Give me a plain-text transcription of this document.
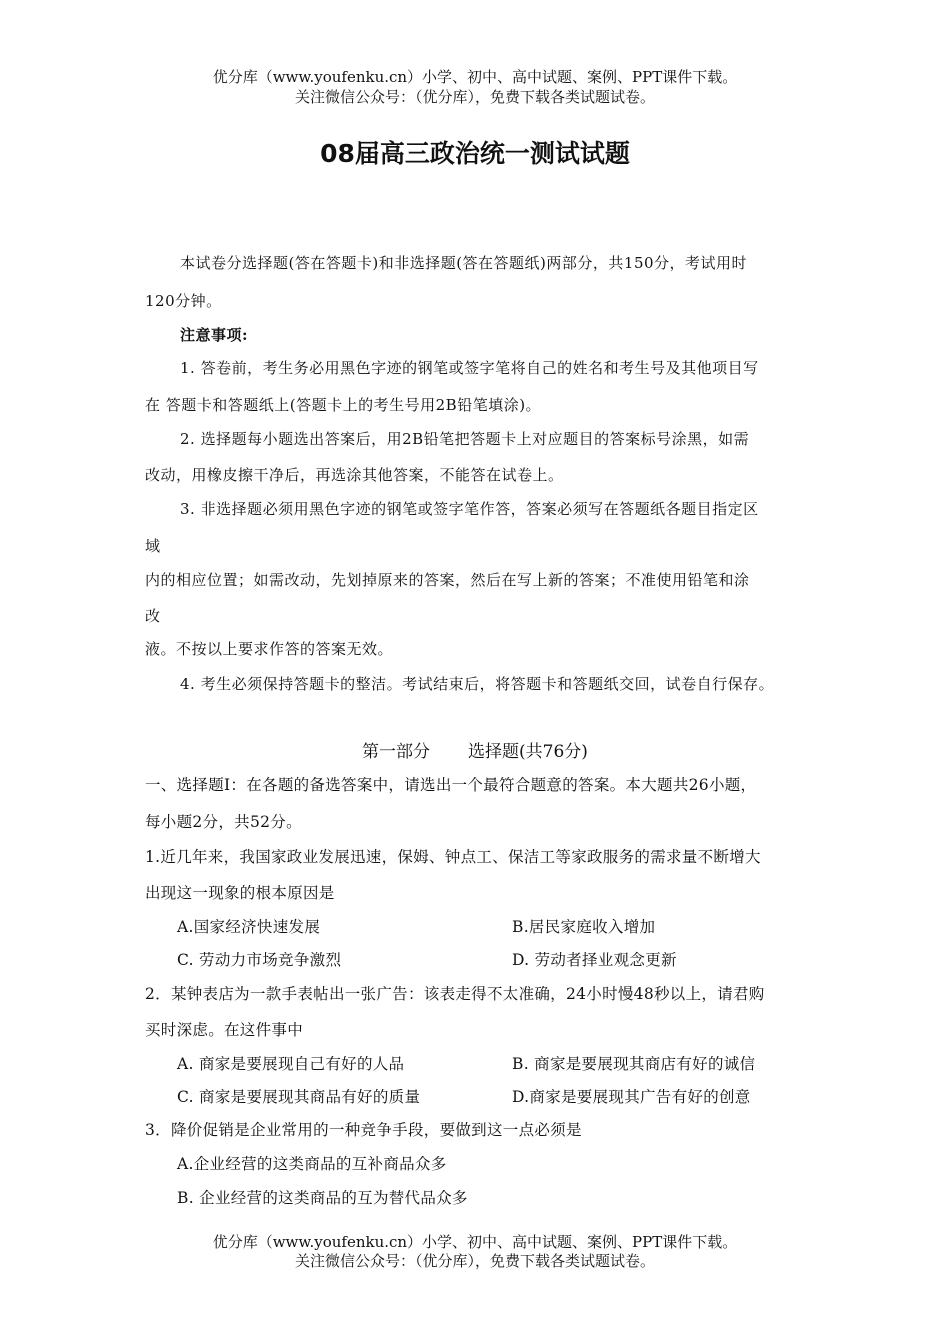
优分库（www.youfenku.cn）小学、初中、高中试题、案例、PPT课件下载。
关注微信公众号：（优分库），免费下载各类试题试卷。
08届高三政治统一测试试题
本试卷分选择题(答在答题卡)和非选择题(答在答题纸)两部分，共150分，考试用时
120分钟。
注意事项:
1. 答卷前，考生务必用黑色字迹的钢笔或签字笔将自己的姓名和考生号及其他项目写
在 答题卡和答题纸上(答题卡上的考生号用2B铅笔填涂)。
2. 选择题每小题选出答案后，用2B铅笔把答题卡上对应题目的答案标号涂黑，如需
改动，用橡皮擦干净后，再选涂其他答案，不能答在试卷上。
3. 非选择题必须用黑色字迹的钢笔或签字笔作答，答案必须写在答题纸各题目指定区
域
内的相应位置；如需改动，先划掉原来的答案，然后在写上新的答案；不准使用铅笔和涂
改
液。不按以上要求作答的答案无效。
4. 考生必须保持答题卡的整洁。考试结束后，将答题卡和答题纸交回，试卷自行保存。
第一部分 选择题(共76分)
一、选择题Ⅰ：在各题的备选答案中，请选出一个最符合题意的答案。本大题共26小题，
每小题2分，共52分。
1.近几年来，我国家政业发展迅速，保姆、钟点工、保洁工等家政服务的需求量不断增大
出现这一现象的根本原因是
A.国家经济快速发展	B.居民家庭收入增加
C. 劳动力市场竞争激烈	D. 劳动者择业观念更新
2．某钟表店为一款手表帖出一张广告：该表走得不太准确，24小时慢48秒以上，请君购
买时深虑。在这件事中
A. 商家是要展现自己有好的人品	B. 商家是要展现其商店有好的诚信
C. 商家是要展现其商品有好的质量	D.商家是要展现其广告有好的创意
3．降价促销是企业常用的一种竞争手段，要做到这一点必须是
A.企业经营的这类商品的互补商品众多
B. 企业经营的这类商品的互为替代品众多
优分库（www.youfenku.cn）小学、初中、高中试题、案例、PPT课件下载。
关注微信公众号：（优分库），免费下载各类试题试卷。
